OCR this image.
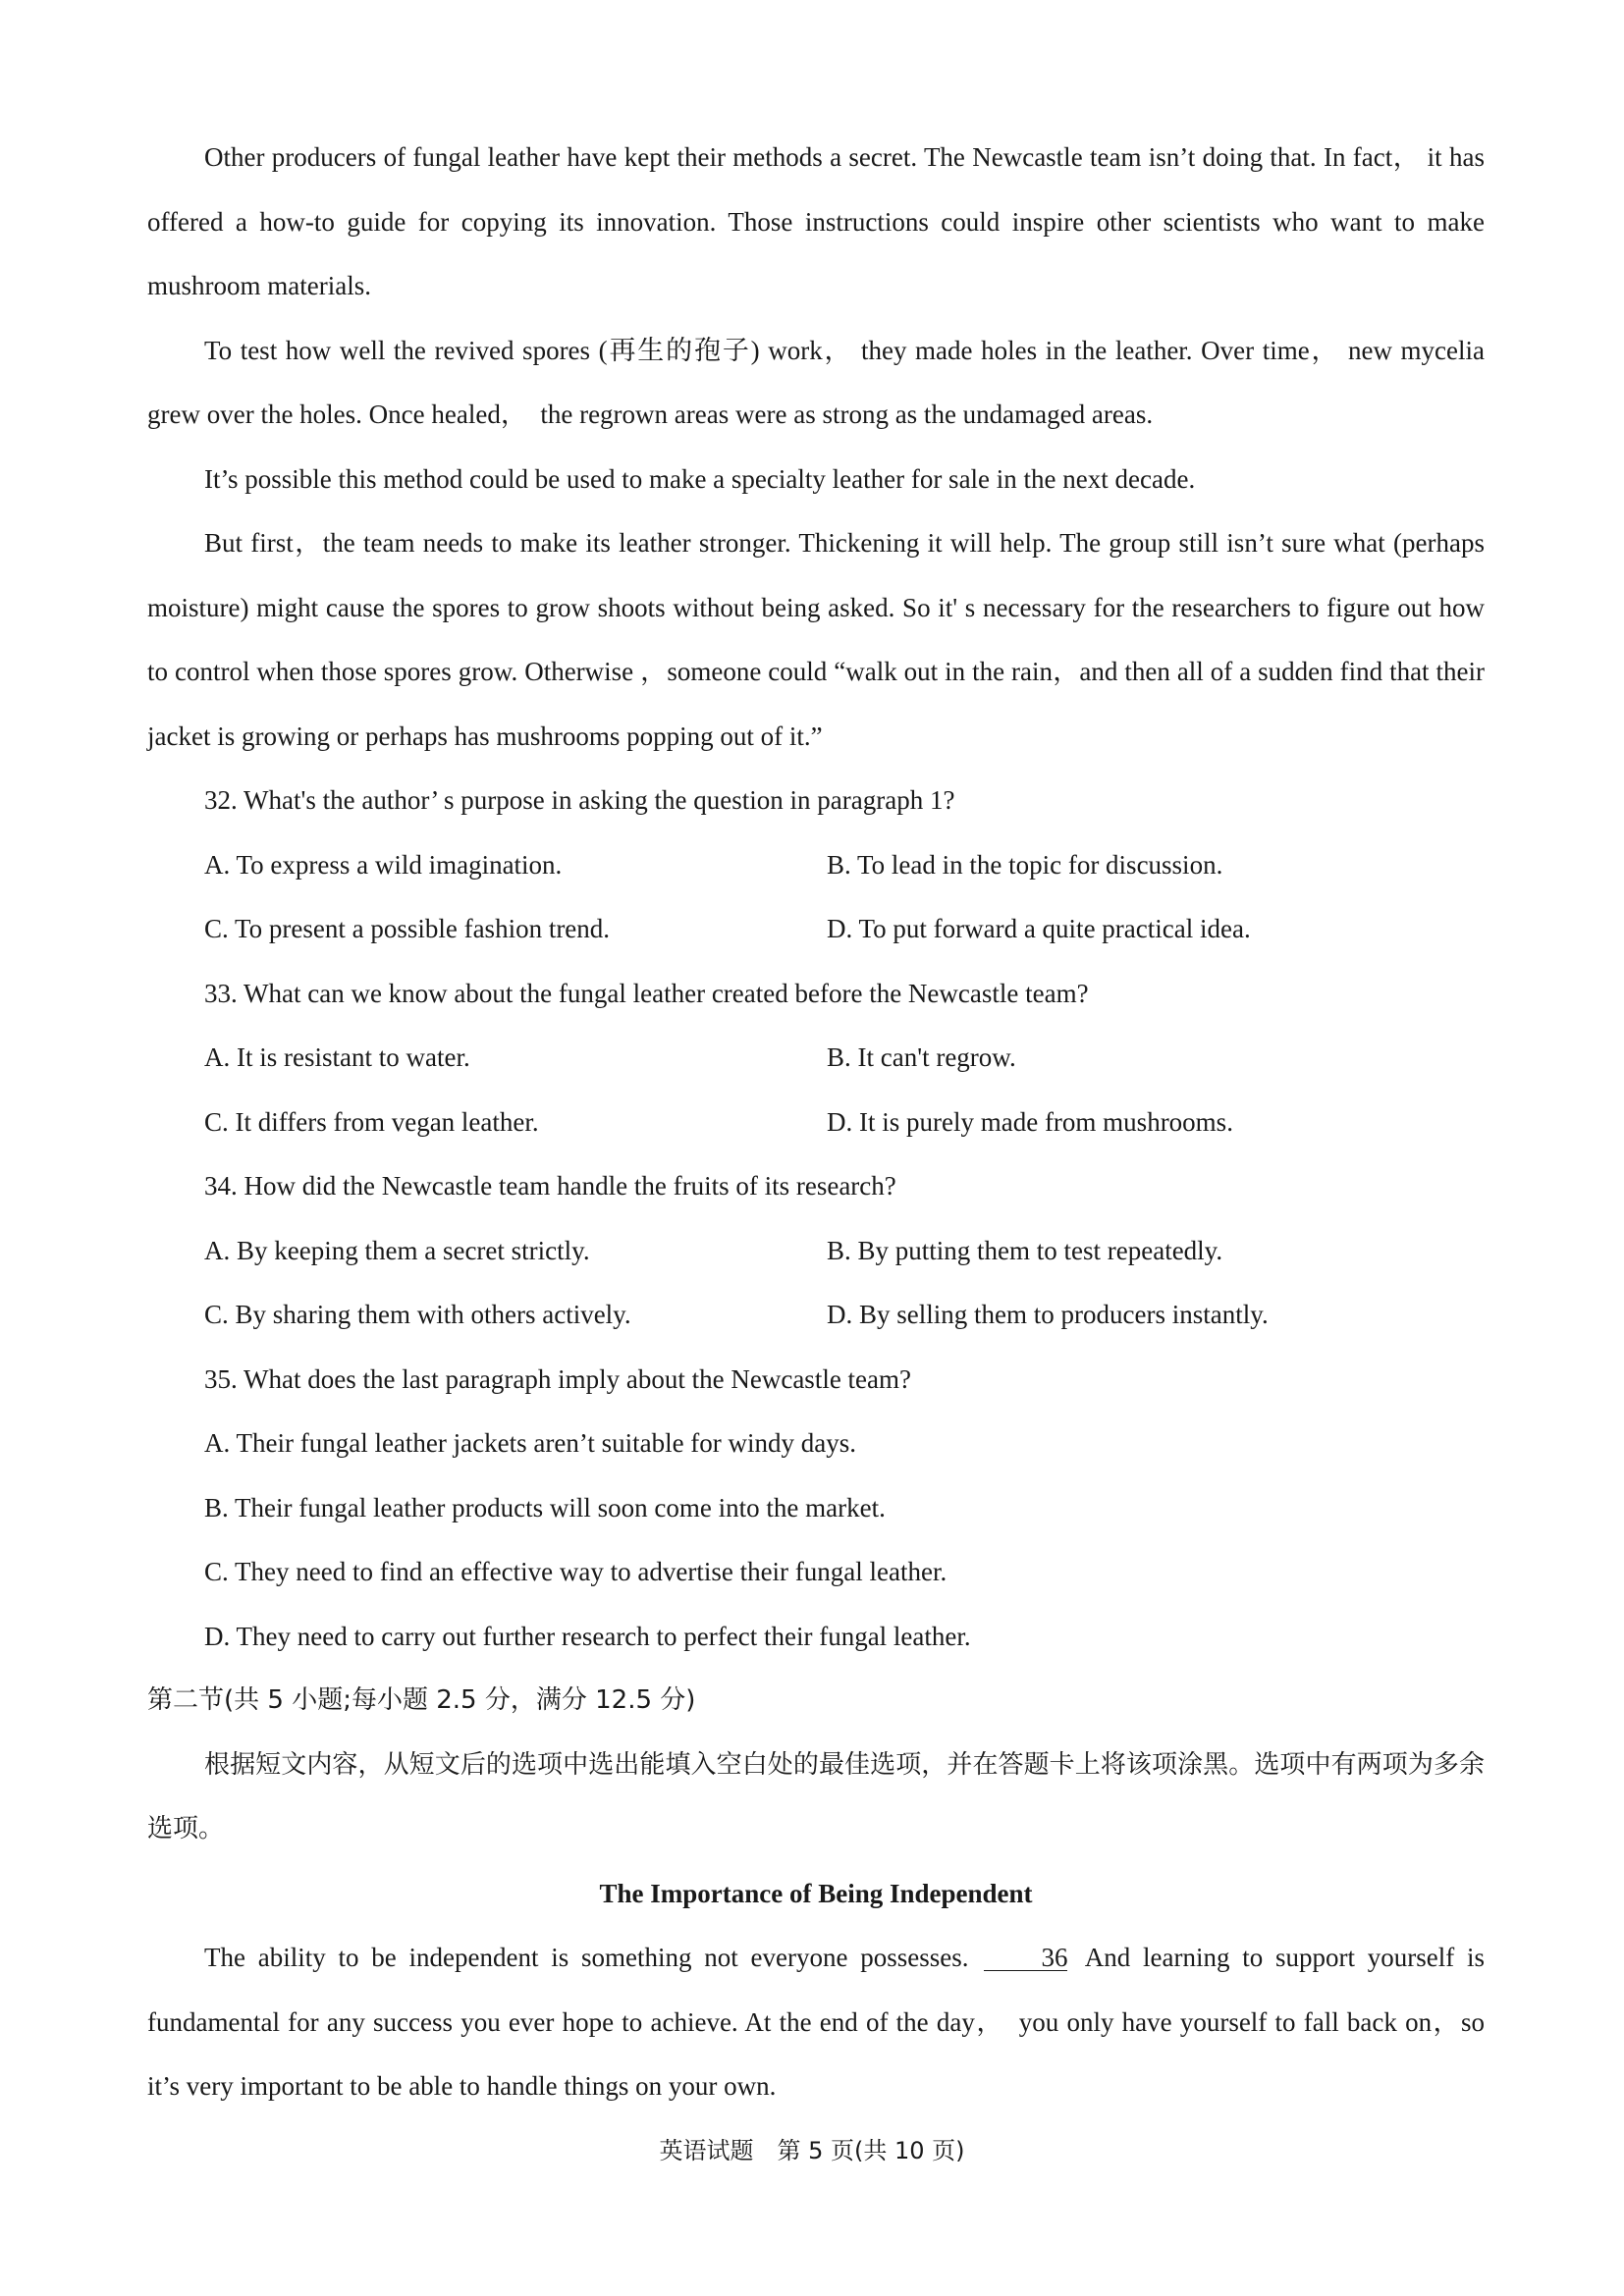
Other producers of fungal leather have kept their methods a secret. The Newcastle team isn’t doing that. In fact， it has offered a how-to guide for copying its innovation. Those instructions could inspire other scientists who want to make mushroom materials.

To test how well the revived spores (再生的孢子) work， they made holes in the leather. Over time， new mycelia grew over the holes. Once healed，　the regrown areas were as strong as the undamaged areas.

It’s possible this method could be used to make a specialty leather for sale in the next decade.

But first，the team needs to make its leather stronger. Thickening it will help. The group still isn’t sure what (perhaps moisture) might cause the spores to grow shoots without being asked. So it' s necessary for the researchers to figure out how to control when those spores grow. Otherwise ，someone could “walk out in the rain，and then all of a sudden find that their jacket is growing or perhaps has mushrooms popping out of it.”

32. What's the author’ s purpose in asking the question in paragraph 1?

A. To express a wild imagination.	B. To lead in the topic for discussion.
C. To present a possible fashion trend.	D. To put forward a quite practical idea.

33. What can we know about the fungal leather created before the Newcastle team?

A. It is resistant to water.	B. It can't regrow.
C. It differs from vegan leather.	D. It is purely made from mushrooms.

34. How did the Newcastle team handle the fruits of its research?

A. By keeping them a secret strictly.	B. By putting them to test repeatedly.
C. By sharing them with others actively.	D. By selling them to producers instantly.

35. What does the last paragraph imply about the Newcastle team?

A. Their fungal leather jackets aren’t suitable for windy days.

B. Their fungal leather products will soon come into the market.

C. They need to find an effective way to advertise their fungal leather.

D. They need to carry out further research to perfect their fungal leather.

第二节(共 5 小题;每小题 2.5 分，满分 12.5 分)

根据短文内容，从短文后的选项中选出能填入空白处的最佳选项，并在答题卡上将该项涂黑。选项中有两项为多余选项。

The Importance of Being Independent

The ability to be independent is something not everyone possesses.	36 And learning to support yourself is fundamental for any success you ever hope to achieve. At the end of the day，　you only have yourself to fall back on，so it’s very important to be able to handle things on your own.

英语试题　第 5 页(共 10 页)
